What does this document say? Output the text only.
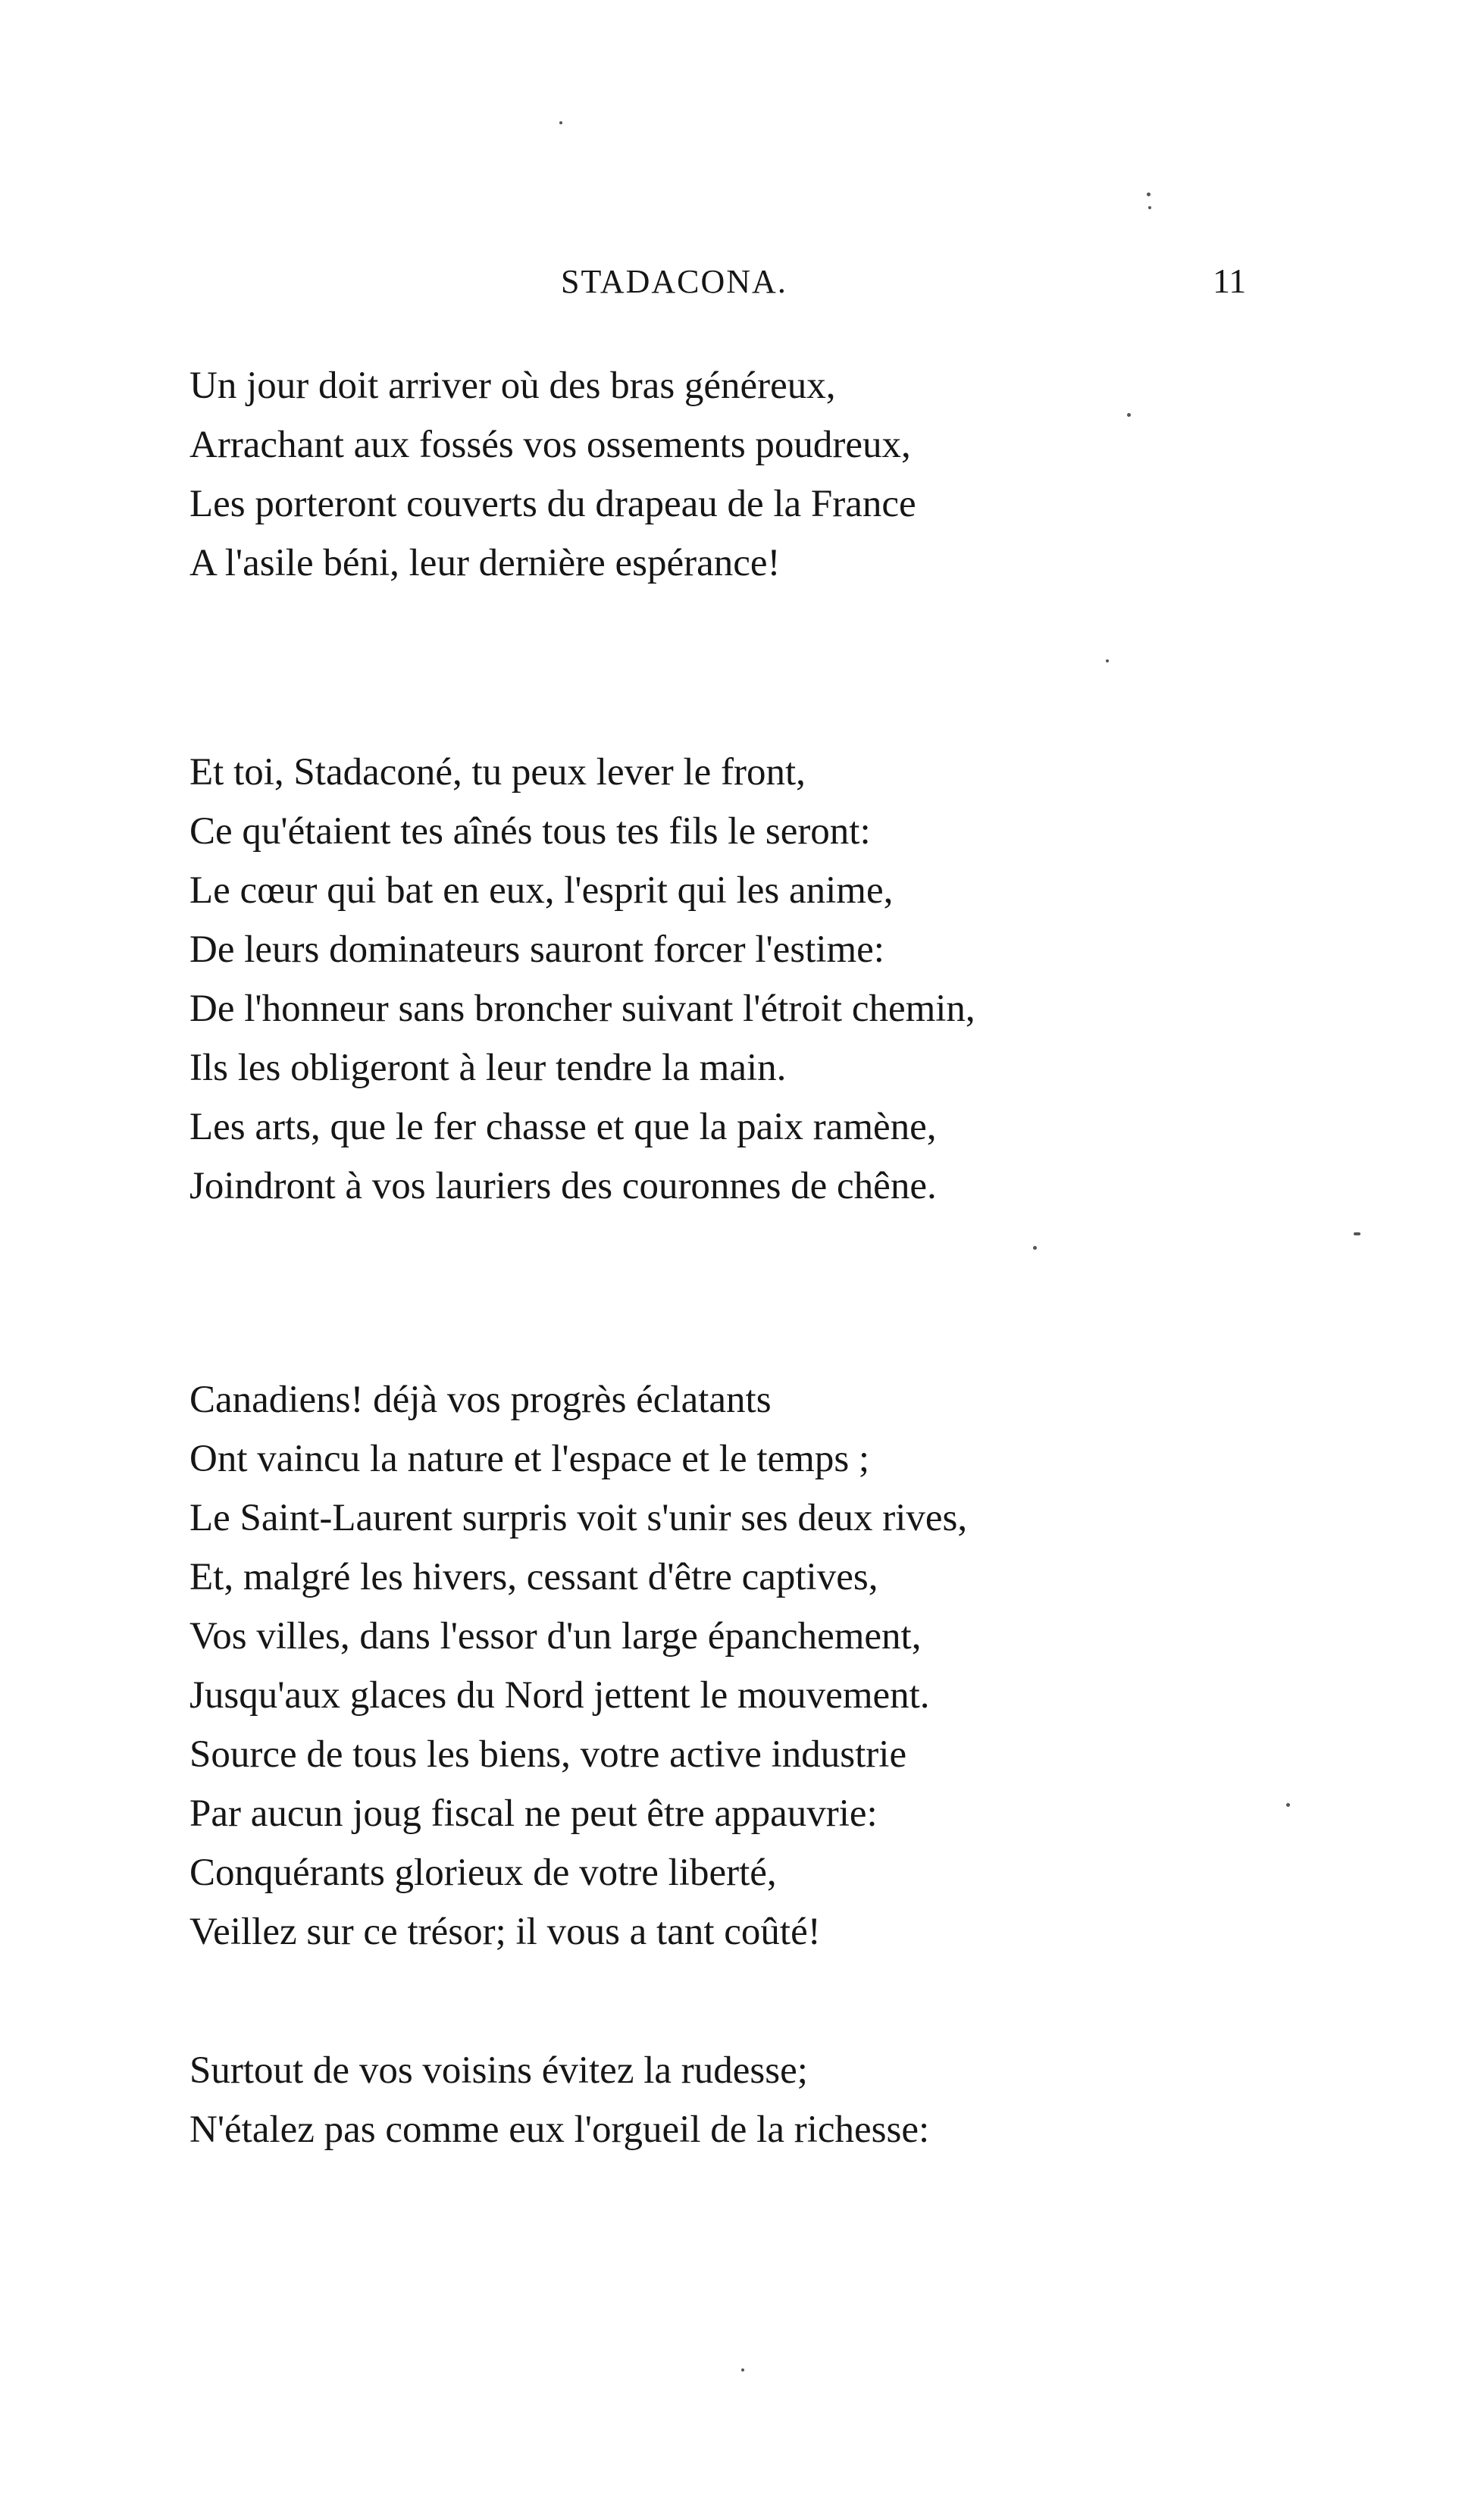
STADACONA.	11
Un jour doit arriver où des bras généreux,
Arrachant aux fossés vos ossements poudreux,
Les porteront couverts du drapeau de la France
A l'asile béni, leur dernière espérance!
Et toi, Stadaconé, tu peux lever le front,
Ce qu'étaient tes aînés tous tes fils le seront:
Le cœur qui bat en eux, l'esprit qui les anime,
De leurs dominateurs sauront forcer l'estime:
De l'honneur sans broncher suivant l'étroit chemin,
Ils les obligeront à leur tendre la main.
Les arts, que le fer chasse et que la paix ramène,
Joindront à vos lauriers des couronnes de chêne.
Canadiens! déjà vos progrès éclatants
Ont vaincu la nature et l'espace et le temps ;
Le Saint-Laurent surpris voit s'unir ses deux rives,
Et, malgré les hivers, cessant d'être captives,
Vos villes, dans l'essor d'un large épanchement,
Jusqu'aux glaces du Nord jettent le mouvement.
Source de tous les biens, votre active industrie
Par aucun joug fiscal ne peut être appauvrie:
Conquérants glorieux de votre liberté,
Veillez sur ce trésor; il vous a tant coûté!
Surtout de vos voisins évitez la rudesse;
N'étalez pas comme eux l'orgueil de la richesse:
